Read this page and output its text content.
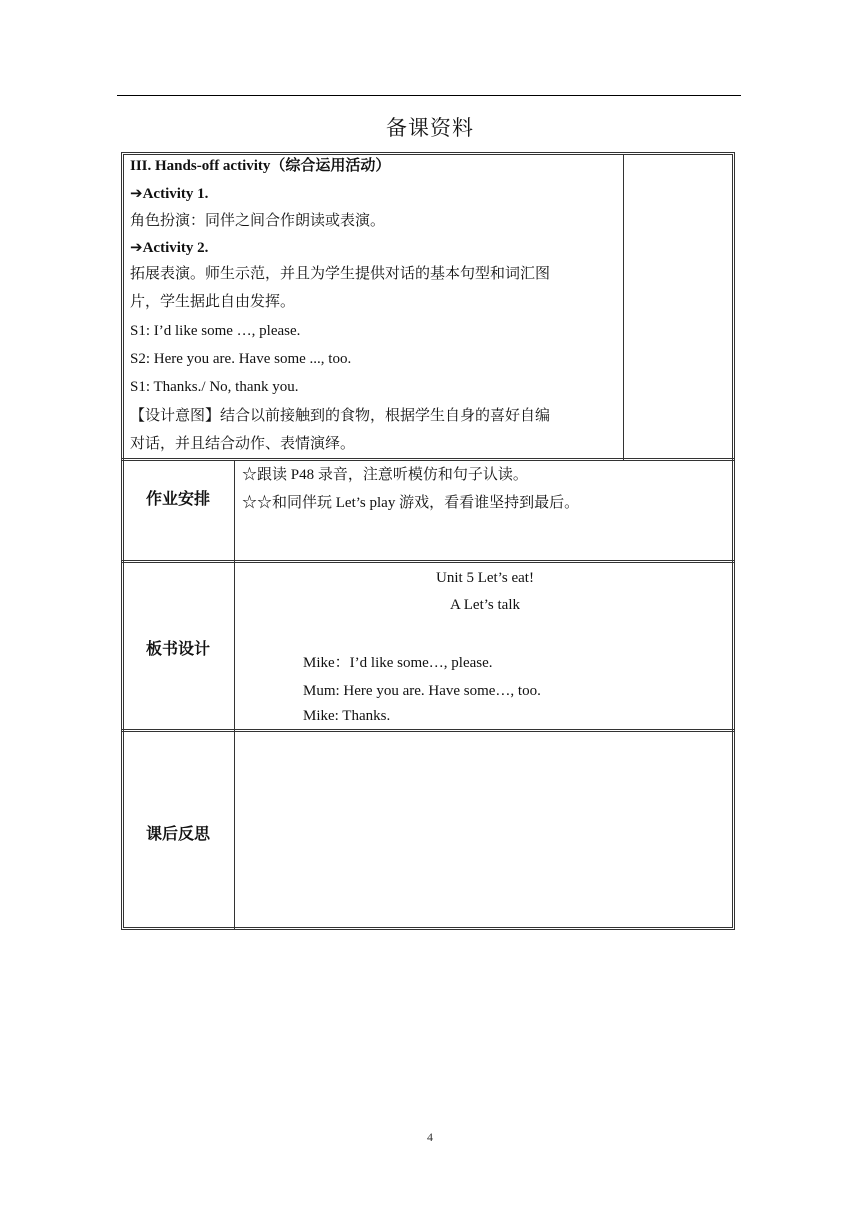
备课资料
III. Hands-off activity（综合运用活动）
➔Activity 1.
角色扮演：同伴之间合作朗读或表演。
➔Activity 2.
拓展表演。师生示范，并且为学生提供对话的基本句型和词汇图
片，学生据此自由发挥。
S1: I’d like some …, please.
S2: Here you are. Have some ..., too.
S1: Thanks./ No, thank you.
【设计意图】结合以前接触到的食物，根据学生自身的喜好自编
对话，并且结合动作、表情演绎。
作业安排
☆跟读 P48 录音，注意听模仿和句子认读。
☆☆和同伴玩 Let’s play 游戏，看看谁坚持到最后。
板书设计
Unit 5 Let’s eat!
A Let’s talk
Mike：I’d like some…, please.
Mum: Here you are. Have some…, too.
Mike: Thanks.
课后反思
4
